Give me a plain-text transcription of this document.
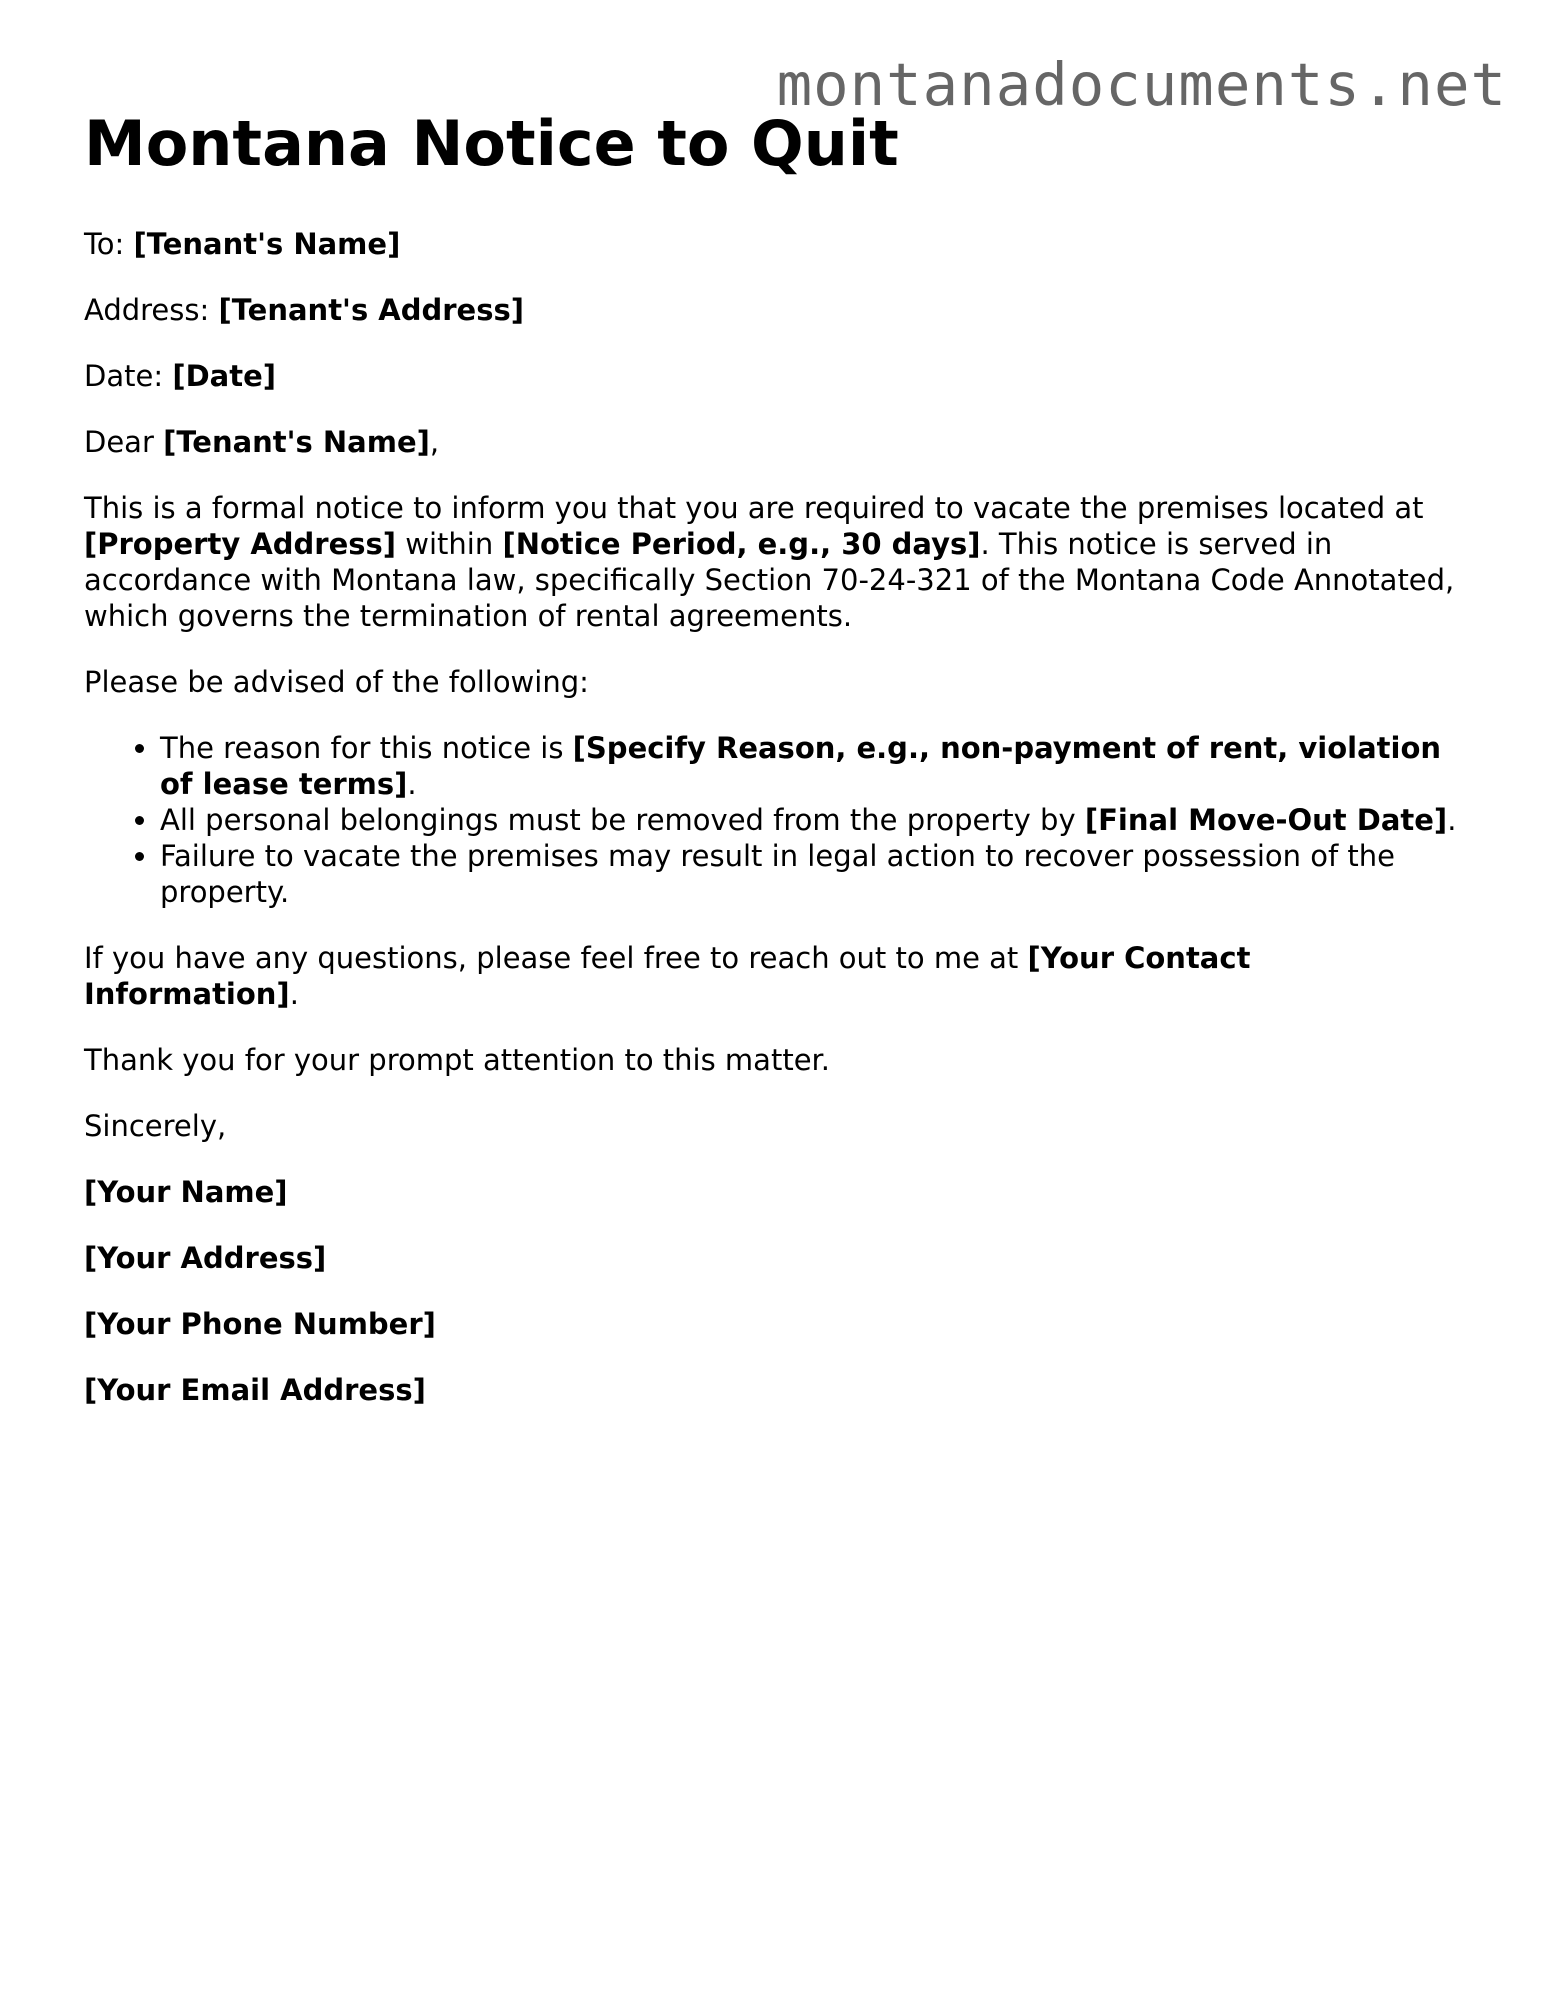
montanadocuments.net
Montana Notice to Quit

To: [Tenant's Name]

Address: [Tenant's Address]

Date: [Date]

Dear [Tenant's Name],

This is a formal notice to inform you that you are required to vacate the premises located at [Property Address] within [Notice Period, e.g., 30 days]. This notice is served in accordance with Montana law, specifically Section 70-24-321 of the Montana Code Annotated, which governs the termination of rental agreements.

Please be advised of the following:

• The reason for this notice is [Specify Reason, e.g., non-payment of rent, violation of lease terms].
• All personal belongings must be removed from the property by [Final Move-Out Date].
• Failure to vacate the premises may result in legal action to recover possession of the property.

If you have any questions, please feel free to reach out to me at [Your Contact Information].

Thank you for your prompt attention to this matter.

Sincerely,

[Your Name]

[Your Address]

[Your Phone Number]

[Your Email Address]
